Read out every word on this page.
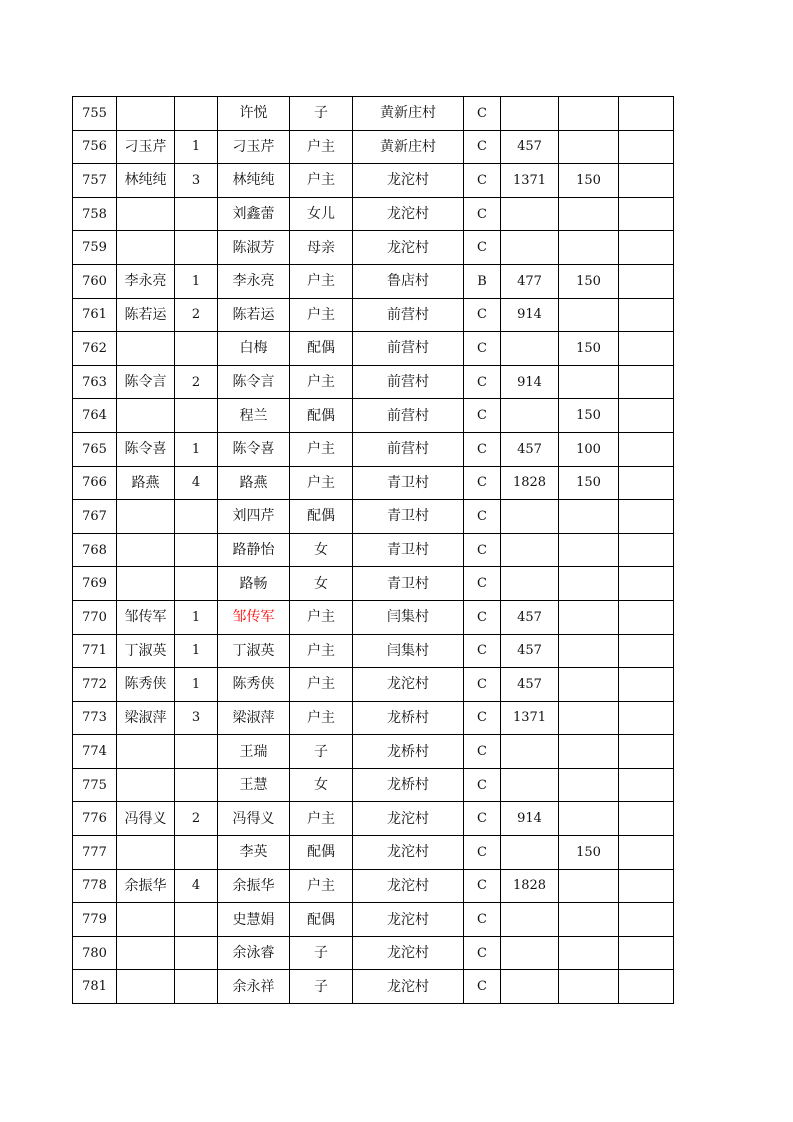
755			许悦	子	黄新庄村	C			
756	刁玉芹	1	刁玉芹	户主	黄新庄村	C	457		
757	林纯纯	3	林纯纯	户主	龙沱村	C	1371	150	
758			刘鑫蕾	女儿	龙沱村	C			
759			陈淑芳	母亲	龙沱村	C			
760	李永亮	1	李永亮	户主	鲁店村	B	477	150	
761	陈若运	2	陈若运	户主	前营村	C	914		
762			白梅	配偶	前营村	C		150	
763	陈令言	2	陈令言	户主	前营村	C	914		
764			程兰	配偶	前营村	C		150	
765	陈令喜	1	陈令喜	户主	前营村	C	457	100	
766	路燕	4	路燕	户主	青卫村	C	1828	150	
767			刘四芹	配偶	青卫村	C			
768			路静怡	女	青卫村	C			
769			路畅	女	青卫村	C			
770	邹传军	1	邹传军	户主	闫集村	C	457		
771	丁淑英	1	丁淑英	户主	闫集村	C	457		
772	陈秀侠	1	陈秀侠	户主	龙沱村	C	457		
773	梁淑萍	3	梁淑萍	户主	龙桥村	C	1371		
774			王瑞	子	龙桥村	C			
775			王慧	女	龙桥村	C			
776	冯得义	2	冯得义	户主	龙沱村	C	914		
777			李英	配偶	龙沱村	C		150	
778	余振华	4	余振华	户主	龙沱村	C	1828		
779			史慧娟	配偶	龙沱村	C			
780			余泳睿	子	龙沱村	C			
781			余永祥	子	龙沱村	C			
